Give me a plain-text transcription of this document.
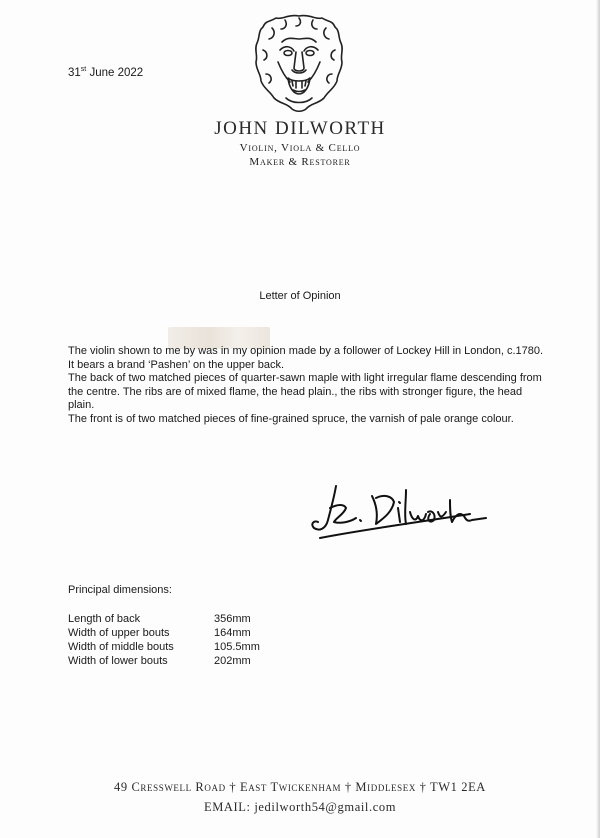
31st June 2022
JOHN DILWORTH
Violin, Viola & Cello
Maker & Restorer
Letter of Opinion

The violin shown to me by was in my opinion made by a follower of Lockey Hill in London, c.1780. It bears a brand ‘Pashen’ on the upper back.

The back of two matched pieces of quarter-sawn maple with light irregular flame descending from the centre. The ribs are of mixed flame, the head plain., the ribs with stronger figure, the head plain.

The front is of two matched pieces of fine-grained spruce, the varnish of pale orange colour.

Principal dimensions:
Length of back	356mm
Width of upper bouts	164mm
Width of middle bouts	105.5mm
Width of lower bouts	202mm
49 Cresswell Road † East Twickenham † Middlesex † TW1 2EA
EMAIL: jedilworth54@gmail.com
